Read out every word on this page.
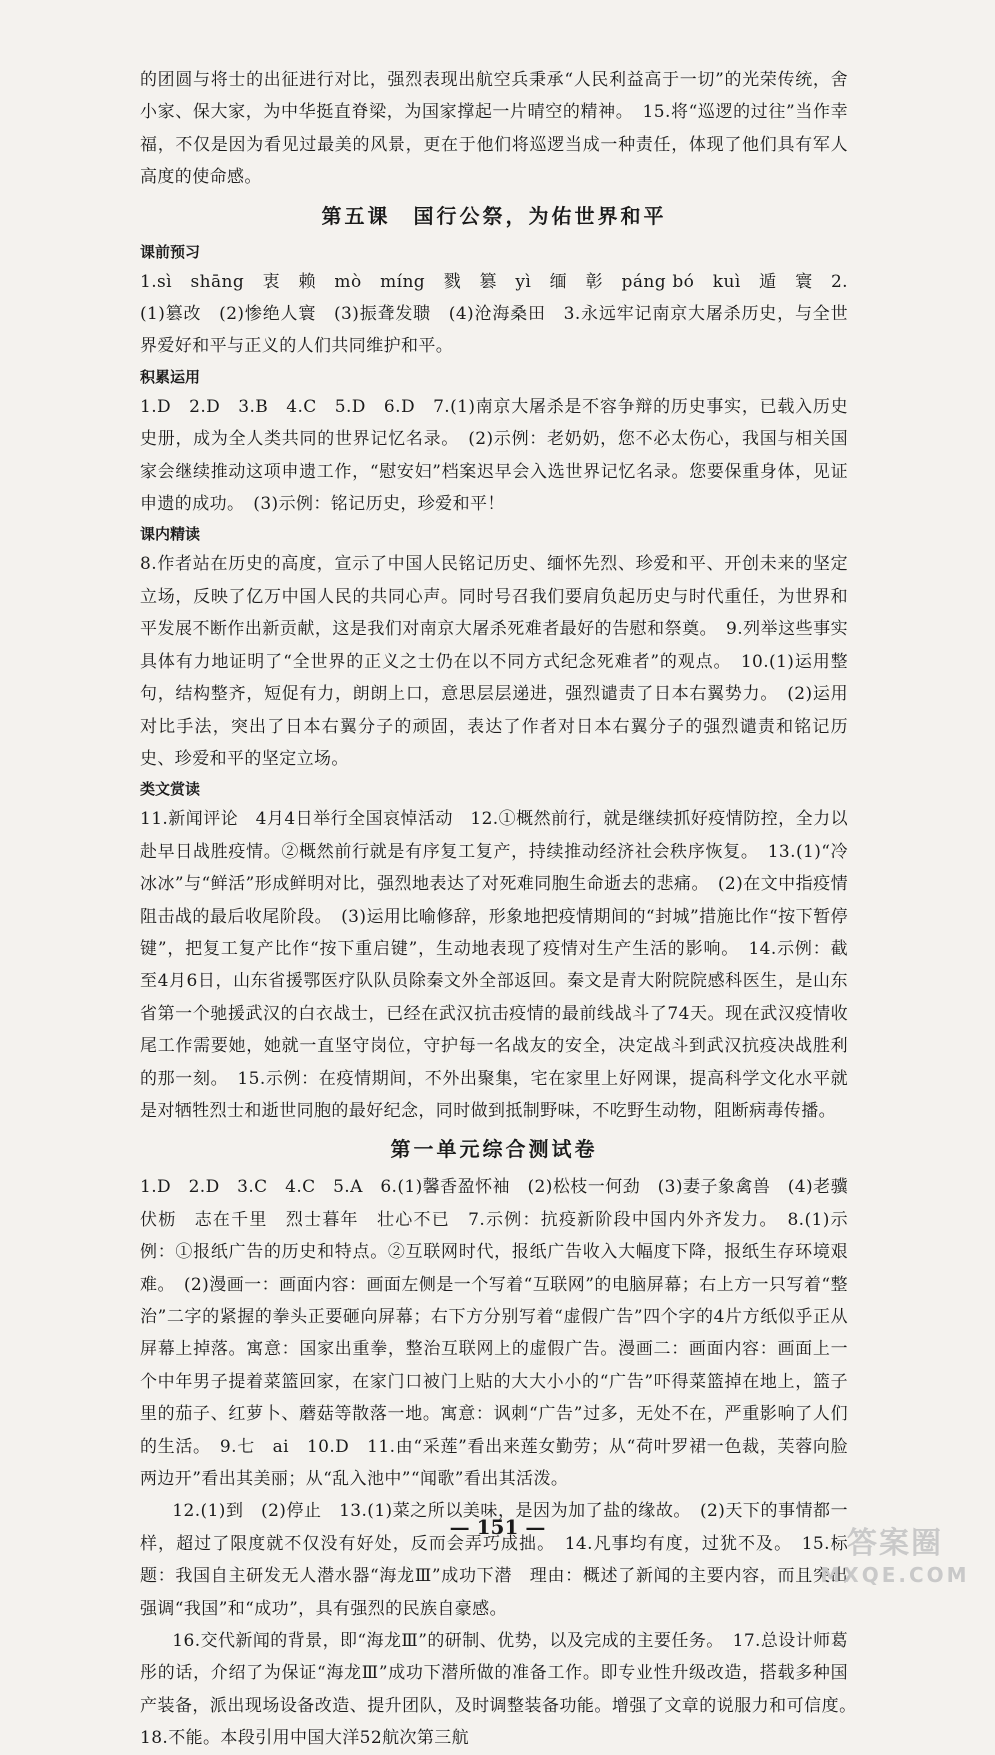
的团圆与将士的出征进行对比，强烈表现出航空兵秉承“人民利益高于一切”的光荣传统，舍小家、保大家，为中华挺直脊梁，为国家撑起一片晴空的精神。　15.将“巡逻的过往”当作幸福，不仅是因为看见过最美的风景，更在于他们将巡逻当成一种责任，体现了他们具有军人高度的使命感。

第五课　国行公祭，为佑世界和平
课前预习

1.sì　shāng　衷　赖　mò　míng　戮　篡　yì　缅　彰　páng bó　kuì　遁　寰　2.(1)篡改　(2)惨绝人寰　(3)振聋发聩　(4)沧海桑田　3.永远牢记南京大屠杀历史，与全世界爱好和平与正义的人们共同维护和平。

积累运用

1.D　2.D　3.B　4.C　5.D　6.D　7.(1)南京大屠杀是不容争辩的历史事实，已载入历史史册，成为全人类共同的世界记忆名录。　(2)示例：老奶奶，您不必太伤心，我国与相关国家会继续推动这项申遗工作，“慰安妇”档案迟早会入选世界记忆名录。您要保重身体，见证申遗的成功。　(3)示例：铭记历史，珍爱和平！

课内精读

8.作者站在历史的高度，宣示了中国人民铭记历史、缅怀先烈、珍爱和平、开创未来的坚定立场，反映了亿万中国人民的共同心声。同时号召我们要肩负起历史与时代重任，为世界和平发展不断作出新贡献，这是我们对南京大屠杀死难者最好的告慰和祭奠。　9.列举这些事实具体有力地证明了“全世界的正义之士仍在以不同方式纪念死难者”的观点。　10.(1)运用整句，结构整齐，短促有力，朗朗上口，意思层层递进，强烈谴责了日本右翼势力。　(2)运用对比手法，突出了日本右翼分子的顽固，表达了作者对日本右翼分子的强烈谴责和铭记历史、珍爱和平的坚定立场。

类文赏读

11.新闻评论　4月4日举行全国哀悼活动　12.①概然前行，就是继续抓好疫情防控，全力以赴早日战胜疫情。②概然前行就是有序复工复产，持续推动经济社会秩序恢复。　13.(1)“冷冰冰”与“鲜活”形成鲜明对比，强烈地表达了对死难同胞生命逝去的悲痛。　(2)在文中指疫情阻击战的最后收尾阶段。　(3)运用比喻修辞，形象地把疫情期间的“封城”措施比作“按下暂停键”，把复工复产比作“按下重启键”，生动地表现了疫情对生产生活的影响。　14.示例：截至4月6日，山东省援鄂医疗队队员除秦文外全部返回。秦文是青大附院院感科医生，是山东省第一个驰援武汉的白衣战士，已经在武汉抗击疫情的最前线战斗了74天。现在武汉疫情收尾工作需要她，她就一直坚守岗位，守护每一名战友的安全，决定战斗到武汉抗疫决战胜利的那一刻。　15.示例：在疫情期间，不外出聚集，宅在家里上好网课，提高科学文化水平就是对牺牲烈士和逝世同胞的最好纪念，同时做到抵制野味，不吃野生动物，阻断病毒传播。

第一单元综合测试卷

1.D　2.D　3.C　4.C　5.A　6.(1)馨香盈怀袖　(2)松枝一何劲　(3)妻子象禽兽　(4)老骥伏枥　志在千里　烈士暮年　壮心不已　7.示例：抗疫新阶段中国内外齐发力。　8.(1)示例：①报纸广告的历史和特点。②互联网时代，报纸广告收入大幅度下降，报纸生存环境艰难。　(2)漫画一：画面内容：画面左侧是一个写着“互联网”的电脑屏幕；右上方一只写着“整治”二字的紧握的拳头正要砸向屏幕；右下方分别写着“虚假广告”四个字的4片方纸似乎正从屏幕上掉落。寓意：国家出重拳，整治互联网上的虚假广告。漫画二：画面内容：画面上一个中年男子提着菜篮回家，在家门口被门上贴的大大小小的“广告”吓得菜篮掉在地上，篮子里的茄子、红萝卜、蘑菇等散落一地。寓意：讽刺“广告”过多，无处不在，严重影响了人们的生活。　9.七　ai　10.D　11.由“采莲”看出来莲女勤劳；从“荷叶罗裙一色裁，芙蓉向脸两边开”看出其美丽；从“乱入池中”“闻歌”看出其活泼。

12.(1)到　(2)停止　13.(1)菜之所以美味，是因为加了盐的缘故。　(2)天下的事情都一样，超过了限度就不仅没有好处，反而会弄巧成拙。　14.凡事均有度，过犹不及。　15.标题：我国自主研发无人潜水器“海龙Ⅲ”成功下潜　理由：概述了新闻的主要内容，而且突出强调“我国”和“成功”，具有强烈的民族自豪感。

16.交代新闻的背景，即“海龙Ⅲ”的研制、优势，以及完成的主要任务。　17.总设计师葛彤的话，介绍了为保证“海龙Ⅲ”成功下潜所做的准备工作。即专业性升级改造，搭载多种国产装备，派出现场设备改造、提升团队，及时调整装备功能。增强了文章的说服力和可信度。　18.不能。本段引用中国大洋52航次第三航

— 151 —	答案圈
MXQE.COM
